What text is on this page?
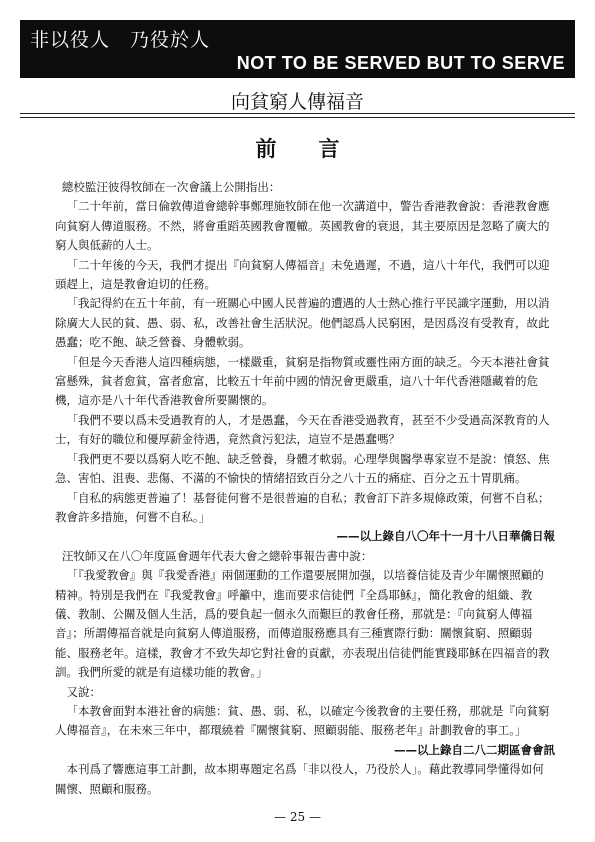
非以役人　乃役於人
NOT TO BE SERVED BUT TO SERVE
向貧窮人傳福音
前　　言

總校監汪彼得牧師在一次會議上公開指出：

「二十年前，當日倫敦傳道會總幹事鄭理施牧師在他一次講道中，警告香港教會說：香港教會應向貧窮人傳道服務。不然，將會重蹈英國教會覆轍。英國教會的衰退，其主要原因是忽略了廣大的窮人與低薪的人士。

「二十年後的今天，我們才提出『向貧窮人傳福音』未免過遲，不過，這八十年代，我們可以迎頭趕上，這是教會迫切的任務。

「我記得約在五十年前，有一班關心中國人民普遍的遭遇的人士熱心推行平民識字運動，用以消除廣大人民的貧、愚、弱、私，改善社會生活狀況。他們認爲人民窮困，是因爲沒有受教育，故此愚蠢；吃不飽、缺乏營養、身體軟弱。

「但是今天香港人這四種病態，一樣嚴重，貧窮是指物質或靈性兩方面的缺乏。今天本港社會貧富懸殊，貧者愈貧，富者愈富，比較五十年前中國的情況會更嚴重，這八十年代香港隱藏着的危機，這亦是八十年代香港教會所要關懷的。

「我們不要以爲未受過教育的人，才是愚蠢，今天在香港受過教育，甚至不少受過高深教育的人士，有好的職位和優厚薪金待遇，竟然貪污犯法，這豈不是愚蠢嗎？

「我們更不要以爲窮人吃不飽、缺乏營養，身體才軟弱。心理學與醫學專家豈不是說：憤怒、焦急、害怕、沮喪、悲傷、不滿的不愉快的情緒招致百分之八十五的痛症、百分之五十胃肌痛。

「自私的病態更普遍了！基督徒何嘗不是很普遍的自私；教會訂下許多規條政策，何嘗不自私；教會許多措施，何嘗不自私。」

——以上錄自八〇年十一月十八日華僑日報

汪牧師又在八〇年度區會週年代表大會之總幹事報告書中說：

「『我愛教會』與『我愛香港』兩個運動的工作還要展開加强，以培養信徒及青少年關懷照顧的精神。特別是我們在『我愛教會』呼籲中，進而要求信徒們『全爲耶穌』，簡化教會的組織、教儀、教制、公關及個人生活，爲的要負起一個永久而艱巨的教會任務，那就是：『向貧窮人傳福音』；所謂傳福音就是向貧窮人傳道服務，而傳道服務應具有三種實際行動：關懷貧窮、照顧弱能、服務老年。這樣，教會才不致失却它對社會的貢獻，亦表現出信徒們能實踐耶穌在四福音的教訓。我們所愛的就是有這樣功能的教會。」

又說：

「本教會面對本港社會的病態：貧、愚、弱、私，以確定今後教會的主要任務，那就是『向貧窮人傳福音』，在未來三年中，都環繞着『關懷貧窮、照顧弱能、服務老年』計劃教會的事工。」

——以上錄自二八二期區會會訊

本刊爲了響應這事工計劃，故本期專題定名爲「非以役人，乃役於人」。藉此教導同學懂得如何關懷、照顧和服務。

— 25 —
